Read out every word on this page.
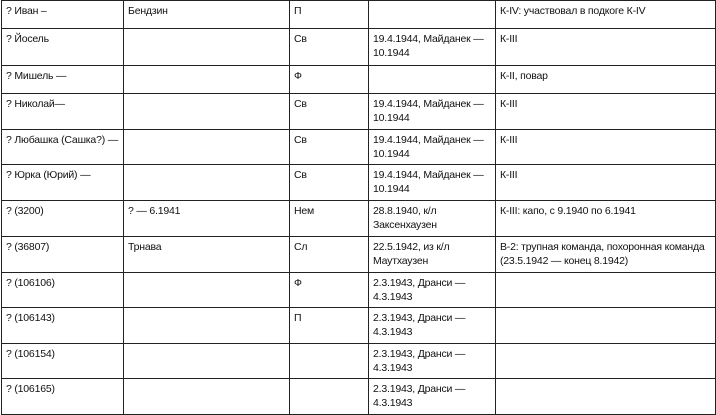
? Иван –	Бендзин	П		К-IV: участвовал в подкоге К-IV
? Йосель		Св	19.4.1944, Майданек — 10.1944	К-III
? Мишель —		Ф		К-II, повар
? Николай—		Св	19.4.1944, Майданек — 10.1944	К-III
? Любашка (Сашка?) —		Св	19.4.1944, Майданек — 10.1944	К-III
? Юрка (Юрий) —		Св	19.4.1944, Майданек — 10.1944	К-III
? (3200)	? — 6.1941	Нем	28.8.1940, к/л Заксенхаузен	К-III: капо, с 9.1940 по 6.1941
? (36807)	Трнава	Сл	22.5.1942, из к/л Маутхаузен	В-2: трупная команда, похоронная команда (23.5.1942 — конец 8.1942)
? (106106)		Ф	2.3.1943, Дранси — 4.3.1943	
? (106143)		П	2.3.1943, Дранси — 4.3.1943	
? (106154)			2.3.1943, Дранси — 4.3.1943	
? (106165)			2.3.1943, Дранси — 4.3.1943	
